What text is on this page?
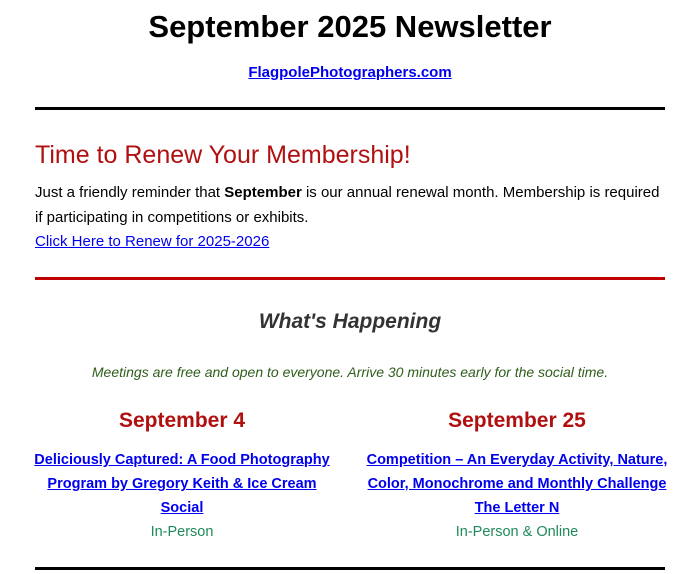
September 2025 Newsletter
FlagpolePhotographers.com
Time to Renew Your Membership!
Just a friendly reminder that September is our annual renewal month. Membership is required if participating in competitions or exhibits.
Click Here to Renew for 2025-2026
What's Happening
Meetings are free and open to everyone. Arrive 30 minutes early for the social time.
September 4
Deliciously Captured: A Food Photography Program by Gregory Keith & Ice Cream Social
In-Person
September 25
Competition – An Everyday Activity, Nature, Color, Monochrome and Monthly Challenge The Letter N
In-Person & Online
